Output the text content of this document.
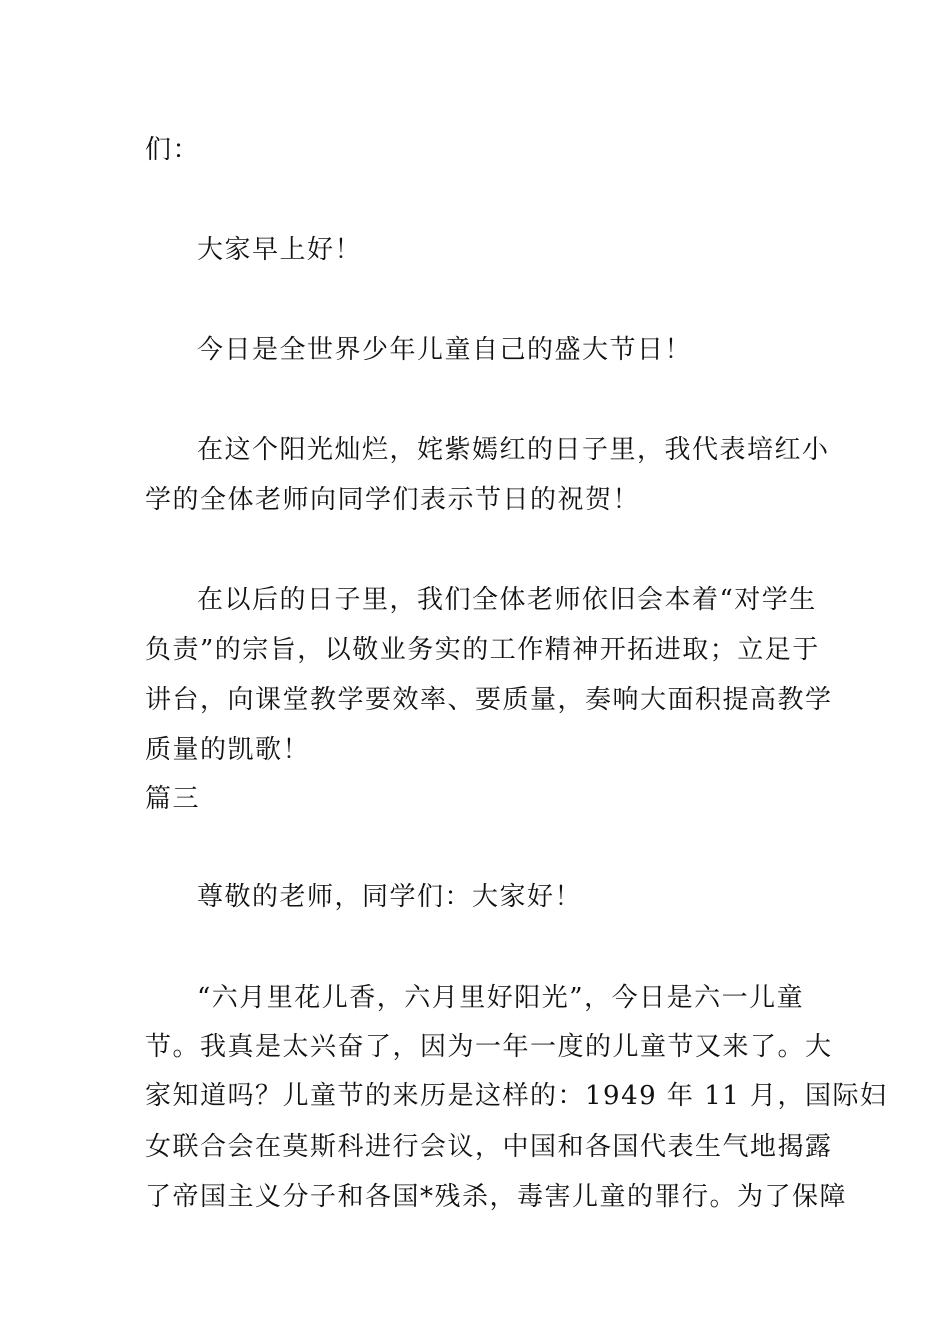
们：
大家早上好！
今日是全世界少年儿童自己的盛大节日！
在这个阳光灿烂，姹紫嫣红的日子里，我代表培红小
学的全体老师向同学们表示节日的祝贺！
在以后的日子里，我们全体老师依旧会本着“对学生
负责”的宗旨，以敬业务实的工作精神开拓进取；立足于
讲台，向课堂教学要效率、要质量，奏响大面积提高教学
质量的凯歌！
篇三
尊敬的老师，同学们：大家好！
“六月里花儿香，六月里好阳光”，今日是六一儿童
节。我真是太兴奋了，因为一年一度的儿童节又来了。大
家知道吗？儿童节的来历是这样的：1949 年 11 月，国际妇
女联合会在莫斯科进行会议，中国和各国代表生气地揭露
了帝国主义分子和各国*残杀，毒害儿童的罪行。为了保障
